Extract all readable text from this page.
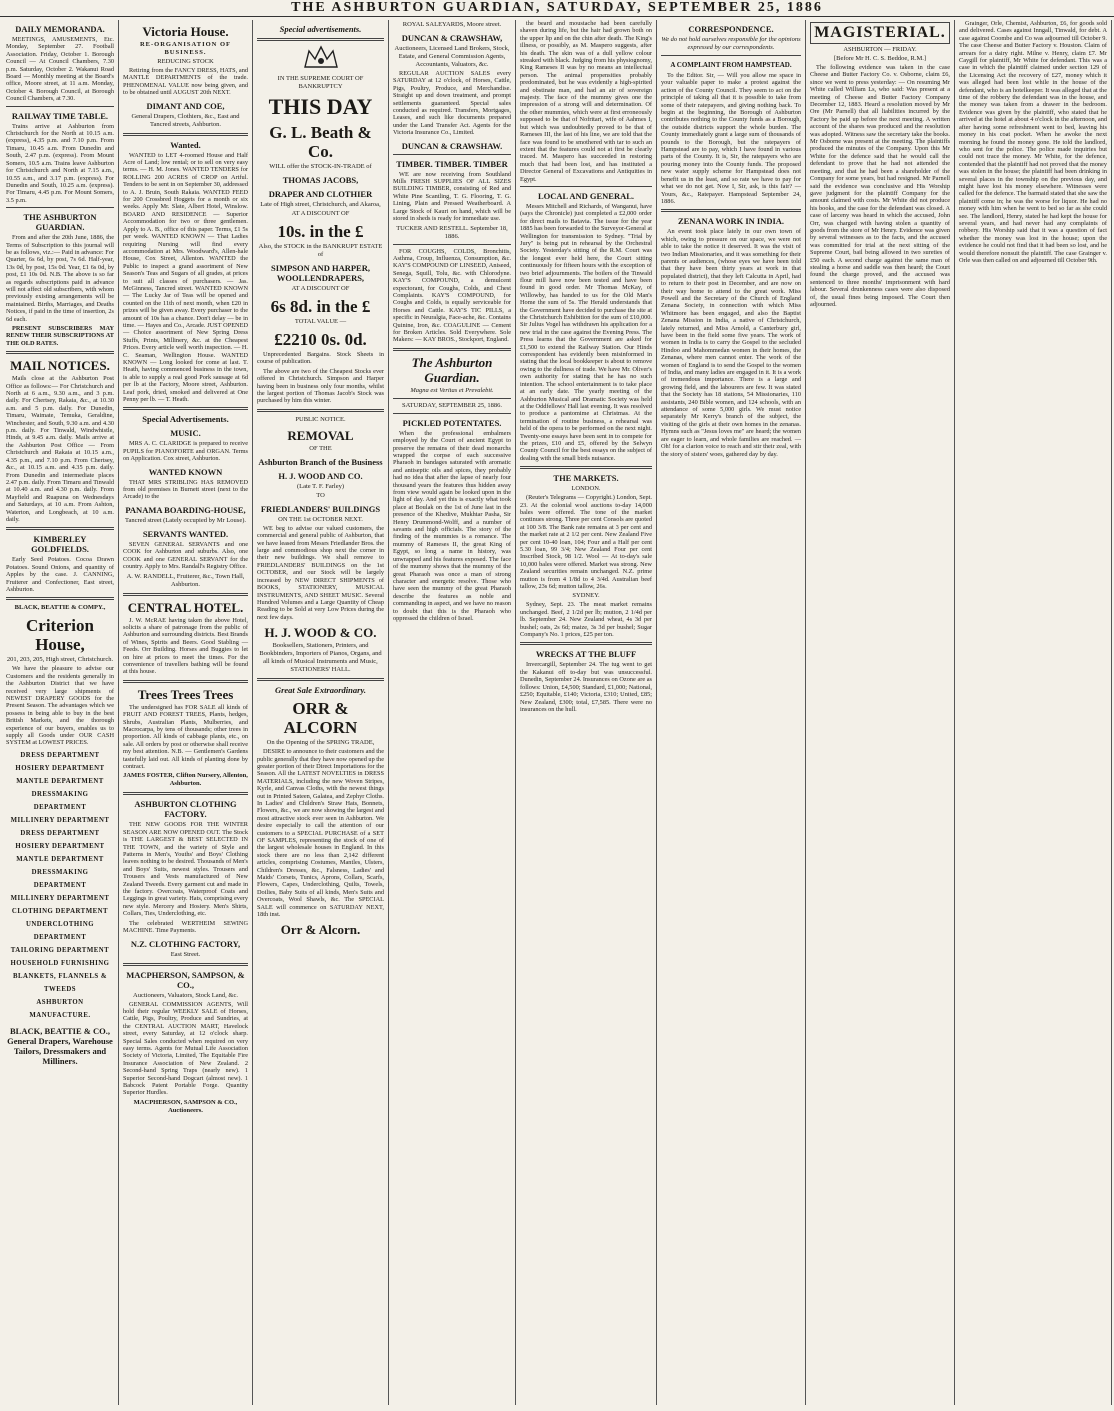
THE ASHBURTON GUARDIAN, SATURDAY, SEPTEMBER 25, 1886
DAILY MEMORANDA.

MEETINGS, AMUSEMENTS, Etc. Monday, September 27. Football Association. Friday, October 1. Borough Council — At Council Chambers, 7.30 p.m. Saturday, October 2. Wakanui Road Board — Monthly meeting at the Board's office, Moore street, at 11 a.m. Monday, October 4. Borough Council, at Borough Council Chambers, at 7.30.

RAILWAY TIME TABLE.

Trains arrive at Ashburton from Christchurch for the North at 10.15 a.m. (express), 4.35 p.m. and 7.10 p.m. From Timaru, 10.45 a.m. From Dunedin and South, 2.47 p.m. (express). From Mount Somers, 10.5 a.m. Trains leave Ashburton for Christchurch and North at 7.15 a.m., 10.55 a.m., and 3.17 p.m. (express). For Dunedin and South, 10.25 a.m. (express). For Timaru, 4.45 p.m. For Mount Somers, 3.5 p.m.

THE ASHBURTON GUARDIAN.

From and after the 20th June, 1886, the Terms of Subscription to this journal will be as follows, viz.:— Paid in advance: For Quarter, 6s 6d, by post, 7s 6d. Half-year, 13s 0d, by post, 15s 0d. Year, £1 6s 0d, by post, £1 10s 0d. N.B. The above is so far as regards subscriptions paid in advance will not affect old subscribers, with whom previously existing arrangements will be maintained. Births, Marriages, and Deaths Notices, if paid in the time of insertion, 2s 6d each.

PRESENT SUBSCRIBERS MAY RENEW THEIR SUBSCRIPTIONS AT THE OLD RATES.

MAIL NOTICES.

Mails close at the Ashburton Post Office as follows:— For Christchurch and North at 6 a.m., 9.30 a.m., and 3 p.m. daily. For Chertsey, Rakaia, &c., at 10.30 a.m. and 5 p.m. daily. For Dunedin, Timaru, Waimate, Temuka, Geraldine, Winchester, and South, 9.30 a.m. and 4.30 p.m. daily. For Tinwald, Windwhistle, Hinds, at 9.45 a.m. daily. Mails arrive at the Ashburton Post Office — From Christchurch and Rakaia at 10.15 a.m., 4.35 p.m., and 7.10 p.m. From Chertsey, &c., at 10.15 a.m. and 4.35 p.m. daily. From Dunedin and intermediate places 2.47 p.m. daily. From Timaru and Tinwald at 10.40 a.m. and 4.30 p.m. daily. From Mayfield and Ruapuna on Wednesdays and Saturdays, at 10 a.m. From Ashton, Waterton, and Longbeach, at 10 a.m. daily.

KIMBERLEY GOLDFIELDS.

Early Seed Potatoes. Cocoa Drawn Potatoes. Sound Onions, and quantity of Apples by the case. J. CANNING, Fruiterer and Confectioner, East street, Ashburton.

BLACK, BEATTIE & COMPY.,
Criterion House,
201, 203, 205, High street, Christchurch.

We have the pleasure to advise our Customers and the residents generally in the Ashburton District that we have received very large shipments of NEWEST DRAPERY GOODS for the Present Season. The advantages which we possess in being able to buy in the best British Markets, and the thorough experience of our buyers, enables us to supply all Goods under OUR CASH SYSTEM at LOWEST PRICES.

DRESS DEPARTMENT
HOSIERY DEPARTMENT
MANTLE DEPARTMENT
DRESSMAKING DEPARTMENT
MILLINERY DEPARTMENT
DRESS DEPARTMENT
HOSIERY DEPARTMENT
MANTLE DEPARTMENT
DRESSMAKING DEPARTMENT
MILLINERY DEPARTMENT
CLOTHING DEPARTMENT
UNDERCLOTHING DEPARTMENT
TAILORING DEPARTMENT
HOUSEHOLD FURNISHING
BLANKETS, FLANNELS & TWEEDS
ASHBURTON MANUFACTURE.
BLACK, BEATTIE & CO., General Drapers, Warehouse Tailors, Dressmakers and Milliners.
Victoria House.
RE-ORGANISATION OF BUSINESS.
REDUCING STOCK

Retiring from the FANCY DRESS, HATS, and MANTLE DEPARTMENTS of the trade. PHENOMENAL VALUE now being given, and to be obtained until AUGUST 20th NEXT.

DIMANT AND COE,
General Drapers, Clothiers, &c., East and Tancred streets, Ashburton.
Wanted.

WANTED to LET 4-roomed House and Half Acre of Land; low rental; or to sell on very easy terms. — H. M. Jones. WANTED TENDERS for ROLLING 200 ACRES of CROP on Artful. Tenders to be sent in on September 30, addressed to A. J. Bruin, South Rakaia. WANTED FEED for 200 Crossbred Hoggets for a month or six weeks. Apply Mr. Slate, Albert Hotel, Winslow. BOARD AND RESIDENCE — Superior Accommodation for two or three gentlemen. Apply to A. B., office of this paper. Terms, £1 5s per week. WANTED KNOWN — That Ladies requiring Nursing will find every accommodation at Mrs. Woodward's, Allen-hale House, Cox Street, Allenton. WANTED the Public to inspect a grand assortment of New Season's Teas and Sugars of all grades, at prices to suit all classes of purchasers. — Jas. McGinness, Tancred street. WANTED KNOWN — The Lucky Jar of Teas will be opened and counted on the 11th of next month, when £20 in prizes will be given away. Every purchaser to the amount of 10s has a chance. Don't delay — be in time. — Hayes and Co., Arcade. JUST OPENED — Choice assortment of New Spring Dress Stuffs, Prints, Millinery, &c. at the Cheapest Prices. Every article well worth inspection. — H. C. Seaman, Wellington House. WANTED KNOWN — Long looked for come at last. T. Heath, having commenced business in the town, is able to supply a real good Pork sausage at 6d per lb at the Factory, Moore street, Ashburton. Leaf pork, dried, smoked and delivered at One Penny per lb. — T. Heath.

Special Advertisements.
MUSIC.

MRS A. C. CLARIDGE is prepared to receive PUPILS for PIANOFORTE and ORGAN. Terms on Application. Cox street, Ashburton.

WANTED KNOWN

THAT MRS STRIBLING HAS REMOVED from old premises in Burnett street (next to the Arcade) to the

PANAMA BOARDING-HOUSE,
Tancred street (Lately occupied by Mr Louse).
SERVANTS WANTED.

SEVEN GENERAL SERVANTS and one COOK for Ashburton and suburbs. Also, one COOK and one GENERAL SERVANT for the country. Apply to Mrs. Randall's Registry Office.

A. W. RANDELL, Fruiterer, &c., Town Hall, Ashburton.
CENTRAL HOTEL.

J. W. McRAE having taken the above Hotel, solicits a share of patronage from the public of Ashburton and surrounding districts. Best Brands of Wines, Spirits and Beers. Good Stabling — Feeds. Orr Building. Horses and Buggies to let on hire at prices to meet the times. For the convenience of travellers bathing will be found at this house.

Trees Trees Trees

The undersigned has FOR SALE all kinds of FRUIT AND FOREST TREES, Plants, hedges, Shrubs, Australian Plants, Mulberries, and Macrocarpa, by tens of thousands; other trees in proportion. All kinds of cabbage plants, etc., on sale. All orders by post or otherwise shall receive my best attention. N.B. — Gentlemen's Gardens tastefully laid out. All kinds of planting done by contract.

JAMES FOSTER, Clifton Nursery, Allenton, Ashburton.
ASHBURTON CLOTHING FACTORY.

THE NEW GOODS FOR THE WINTER SEASON ARE NOW OPENED OUT. The Stock is THE LARGEST & BEST SELECTED IN THE TOWN, and the variety of Style and Patterns in Men's, Youths' and Boys' Clothing leaves nothing to be desired. Thousands of Men's and Boys' Suits, newest styles. Trousers and Trousers and Vests manufactured of New Zealand Tweeds. Every garment cut and made in the factory. Overcoats, Waterproof Coats and Leggings in great variety. Hats, comprising every new style. Mercery and Hosiery. Men's Shirts, Collars, Ties, Underclothing, etc.

The celebrated WERTHEIM SEWING MACHINE. Time Payments.

N.Z. CLOTHING FACTORY,
East Street.
MACPHERSON, SAMPSON, & CO.,
Auctioneers, Valuators, Stock Land, &c.

GENERAL COMMISSION AGENTS, Will hold their regular WEEKLY SALE of Horses, Cattle, Pigs, Poultry, Produce and Sundries, at the CENTRAL AUCTION MART, Havelock street, every Saturday, at 12 o'clock sharp. Special Sales conducted when required on very easy terms. Agents for Mutual Life Association Society of Victoria, Limited, The Equitable Fire Insurance Association of New Zealand. 2 Second-hand Spring Traps (nearly new). 1 Superior Second-hand Dogcart (almost new). 1 Babcock Patent Portable Forge. Quantity Superior Hurdles.

MACPHERSON, SAMPSON & CO., Auctioneers.
Special advertisements.
IN THE SUPREME COURT OF BANKRUPTCY
THIS DAY
G. L. Beath & Co.
WILL offer the STOCK-IN-TRADE of
THOMAS JACOBS,
DRAPER AND CLOTHIER
Late of High street, Christchurch, and Akaroa,
AT A DISCOUNT OF
10s. in the £
Also, the STOCK in the BANKRUPT ESTATE of
SIMPSON AND HARPER, WOOLLENDRAPERS,
AT A DISCOUNT OF
6s 8d. in the £
TOTAL VALUE —
£2210 0s. 0d.

Unprecedented Bargains. Stock Sheets in course of publication.

The above are two of the Cheapest Stocks ever offered in Christchurch. Simpson and Harper having been in business only four months, whilst the largest portion of Thomas Jacob's Stock was purchased by him this winter.

PUBLIC NOTICE.
REMOVAL
OF THE
Ashburton Branch of the Business
H. J. WOOD AND CO.
(Late T. F. Farley)
TO
FRIEDLANDERS' BUILDINGS
ON THE 1st OCTOBER NEXT.

WE beg to advise our valued customers, the commercial and general public of Ashburton, that we have leased from Messrs Friedlander Bros. the large and commodious shop next the corner in their new buildings. We shall remove to FRIEDLANDERS' BUILDINGS on the 1st OCTOBER, and our Stock will be largely increased by NEW DIRECT SHIPMENTS of BOOKS, STATIONERY, MUSICAL INSTRUMENTS, AND SHEET MUSIC. Several Hundred Volumes and a Large Quantity of Cheap Reading to be Sold at very Low Prices during the next few days.

H. J. WOOD & CO.
Booksellers, Stationers, Printers, and Bookbinders, Importers of Pianos, Organs, and all kinds of Musical Instruments and Music, STATIONERS' HALL.
Great Sale Extraordinary.
ORR & ALCORN
On the Opening of the SPRING TRADE,

DESIRE to announce to their customers and the public generally that they have now opened up the greater portion of their Direct Importations for the Season. All the LATEST NOVELTIES in DRESS MATERIALS, including the new Woven Stripes, Kyrle, and Canvas Cloths, with the newest things out in Printed Sateen, Galatea, and Zephyr Cloths. In Ladies' and Children's Straw Hats, Bonnets, Flowers, &c., we are now showing the largest and most attractive stock ever seen in Ashburton. We desire especially to call the attention of our customers to a SPECIAL PURCHASE of a SET OF SAMPLES, representing the stock of one of the largest wholesale houses in England. In this stock there are no less than 2,142 different articles, comprising Costumes, Mantles, Ulsters, Children's Dresses, &c., Falsness, Ladies' and Maids' Corsets, Tunics, Aprons, Collars, Scarfs, Flowers, Capes, Underclothing, Quilts, Towels, Doilies, Baby Suits of all kinds, Men's Suits and Overcoats, Wool Shawls, &c. The SPECIAL SALE will commence on SATURDAY NEXT, 18th inst.

Orr & Alcorn.
ROYAL SALEYARDS, Moore street.
DUNCAN & CRAWSHAW,
Auctioneers, Licensed Land Brokers, Stock, Estate, and General Commission Agents, Accountants, Valuators, &c.

REGULAR AUCTION SALES every SATURDAY at 12 o'clock, of Horses, Cattle, Pigs, Poultry, Produce, and Merchandise. Straight up and down treatment, and prompt settlements guaranteed. Special sales conducted as required. Transfers, Mortgages, Leases, and such like documents prepared under the Land Transfer Act. Agents for the Victoria Insurance Co., Limited.

DUNCAN & CRAWSHAW.
TIMBER. TIMBER. TIMBER

WE are now receiving from Southland Mills FRESH SUPPLIES OF ALL SIZES BUILDING TIMBER, consisting of Red and White Pine Scantling, T. G. Flooring, T. G. Lining, Plain and Pressed Weatherboard. A Large Stock of Kauri on hand, which will be stored in sheds is ready for immediate use.

TUCKER AND RESTELL. September 18, 1886.

FOR COUGHS, COLDS, Bronchitis, Asthma, Croup, Influenza, Consumption, &c. KAY'S COMPOUND OF LINSEED, Aniseed, Senega, Squill, Tolu, &c. with Chlorodyne. KAY'S COMPOUND, a demulcent expectorant, for Coughs, Colds, and Chest Complaints. KAY'S COMPOUND, for Coughs and Colds, is equally serviceable for Horses and Cattle. KAY'S TIC PILLS, a specific in Neuralgia, Face-ache, &c. Contains Quinine, Iron, &c. COAGULINE — Cement for Broken Articles. Sold Everywhere. Sole Makers: — KAY BROS., Stockport, England.

The Ashburton Guardian.
Magna est Veritas et Prevalebit.
SATURDAY, SEPTEMBER 25, 1886.
PICKLED POTENTATES.

When the professional embalmers employed by the Court of ancient Egypt to preserve the remains of their dead monarchs wrapped the corpse of each successive Pharaoh in bandages saturated with aromatic and antiseptic oils and spices, they probably had no idea that after the lapse of nearly four thousand years the features thus hidden away from view would again be looked upon in the light of day. And yet this is exactly what took place at Boulak on the 1st of June last in the presence of the Khedive, Mukhtar Pasha, Sir Henry Drummond-Wolff, and a number of savants and high officials. The story of the finding of the mummies is a romance. The mummy of Rameses II, the great King of Egypt, so long a name in history, was unwrapped and his features exposed. The face of the mummy shows that the mummy of the great Pharaoh was once a man of strong character and energetic resolve. Those who have seen the mummy of the great Pharaoh describe the features as noble and commanding in aspect, and we have no reason to doubt that this is the Pharaoh who oppressed the children of Israel.

the beard and moustache had been carefully shaven during life, but the hair had grown both on the upper lip and on the chin after death. The King's illness, or possibly, as M. Maspero suggests, after his death. The skin was of a dull yellow colour streaked with black. Judging from his physiognomy, King Rameses II was by no means an intellectual person. The animal propensities probably predominated, but he was evidently a high-spirited and obstinate man, and had an air of sovereign majesty. The face of the mummy gives one the impression of a strong will and determination. Of the other mummies, which were at first erroneously supposed to be that of Nofritari, wife of Aahmes I, but which was undoubtedly proved to be that of Rameses III, the last of his line, we are told that the face was found to be smothered with tar to such an extent that the features could not at first be clearly traced. M. Maspero has succeeded in restoring much that had been lost, and has instituted a Director General of Excavations and Antiquities in Egypt.

LOCAL AND GENERAL.

Messrs Mitchell and Richards, of Wanganui, have (says the Chronicle) just completed a £2,000 order for direct mails to Batavia. The issue for the year 1885 has been forwarded to the Surveyor-General at Wellington for transmission to Sydney. "Trial by Jury" is being put in rehearsal by the Orchestral Society. Yesterday's sitting of the R.M. Court was the longest ever held here, the Court sitting continuously for fifteen hours with the exception of two brief adjournments. The boilers of the Tinwald flour mill have now been tested and have been found in good order. Mr Thomas McKay, of Willowby, has handed to us for the Old Man's Home the sum of 5s. The Herald understands that the Government have decided to purchase the site at the Christchurch Exhibition for the sum of £10,000. Sir Julius Vogel has withdrawn his application for a new trial in the case against the Evening Press. The Press learns that the Government are asked for £1,500 to extend the Railway Station. Our Hinds correspondent has evidently been misinformed in stating that the local bookkeeper is about to remove owing to the dullness of trade. We have Mr. Oliver's own authority for stating that he has no such intention. The school entertainment is to take place at an early date. The yearly meeting of the Ashburton Musical and Dramatic Society was held at the Oddfellows' Hall last evening. It was resolved to produce a pantomime at Christmas. At the termination of routine business, a rehearsal was held of the opera to be performed on the next night. Twenty-one essays have been sent in to compete for the prizes, £10 and £5, offered by the Selwyn County Council for the best essays on the subject of dealing with the small birds nuisance.

THE MARKETS.
LONDON.

(Reuter's Telegrams — Copyright.) London, Sept. 23. At the colonial wool auctions to-day 14,000 bales were offered. The tone of the market continues strong. Three per cent Consols are quoted at 100 3/8. The Bank rate remains at 3 per cent and the market rate at 2 1/2 per cent. New Zealand Five per cent 10-40 loan, 104; Four and a Half per cent 5.30 loan, 99 3/4; New Zealand Four per cent Inscribed Stock, 98 1/2. Wool — At to-day's sale 10,000 bales were offered. Market was strong. New Zealand securities remain unchanged. N.Z. prime mutton is from 4 1/8d to 4 3/4d. Australian beef tallow, 23s 6d; mutton tallow, 26s.

SYDNEY.

Sydney, Sept. 23. The meat market remains unchanged. Beef, 2 1/2d per lb; mutton, 2 1/4d per lb. September 24. New Zealand wheat, 4s 3d per bushel; oats, 2s 6d; maize, 3s 3d per bushel; Sugar Company's No. 1 prices, £25 per ton.

WRECKS AT THE BLUFF

Invercargill, September 24. The tug went to get the Kakanui off to-day but was unsuccessful. Dunedin, September 24. Insurances on Ozone are as follows: Union, £4,500; Standard, £1,000; National, £250; Equitable, £140; Victoria, £310; United, £85; New Zealand, £300; total, £7,585. There were no insurances on the hull.

CORRESPONDENCE.
We do not hold ourselves responsible for the opinions expressed by our correspondents.
A COMPLAINT FROM HAMPSTEAD.

To the Editor. Sir, — Will you allow me space in your valuable paper to make a protest against the action of the County Council. They seem to act on the principle of taking all that it is possible to take from some of their ratepayers, and giving nothing back. To begin at the beginning, the Borough of Ashburton contributes nothing to the County funds as a Borough, the outside districts support the whole burden. The County immediately grant a large sum of thousands of pounds to the Borough, but the ratepayers of Hampstead are to pay, which I have found in various parts of the County. It is, Sir, the ratepayers who are pouring money into the County funds. The proposed new water supply scheme for Hampstead does not benefit us in the least, and so rate we have to pay for what we do not get. Now I, Sir, ask, is this fair? — Yours, &c., Ratepayer. Hampstead September 24, 1886.

ZENANA WORK IN INDIA.

An event took place lately in our own town of which, owing to pressure on our space, we were not able to take the notice it deserved. It was the visit of two Indian Missionaries, and it was something for their parents or audiences, (whose eyes we have been told that they have been thirty years at work in that populated district), that they left Calcutta in April, had to return to their post in December, and are now on their way home to attend to the great work. Miss Powell and the Secretary of the Church of England Zenana Society, in connection with which Miss Whitmore has been engaged, and also the Baptist Zenana Mission in India, a native of Christchurch, lately returned, and Miss Arnold, a Canterbury girl, have been in the field some five years. The work of women in India is to carry the Gospel to the secluded Hindoo and Mahommedan women in their homes, the Zenanas, where men cannot enter. The work of the women of England is to send the Gospel to the women of India, and many ladies are engaged in it. It is a work of tremendous importance. There is a large and growing field, and the labourers are few. It was stated that the Society has 18 stations, 54 Missionaries, 110 assistants, 240 Bible women, and 124 schools, with an attendance of some 5,000 girls. We must notice separately Mr Kerry's branch of the subject, the visiting of the girls at their own homes in the zenanas. Hymns such as "Jesus loves me" are heard; the women are eager to learn, and whole families are reached. — Oh! for a clarion voice to reach and stir their zeal, with the story of sisters' woes, gathered day by day.

MAGISTERIAL.
ASHBURTON — FRIDAY.
[Before Mr H. C. S. Beddoe, R.M.]

The following evidence was taken in the case Cheese and Butter Factory Co. v. Osborne, claim £6, since we went to press yesterday: — On resuming Mr White called William Ls, who said: Was present at a meeting of Cheese and Butter Factory Company December 12, 1883. Heard a resolution moved by Mr Ore (Mr Parnell) that all liabilities incurred by the Factory be paid up before the next meeting. A written account of the shares was produced and the resolution was adopted. Witness saw the secretary take the books. Mr Osborne was present at the meeting. The plaintiffs produced the minutes of the Company. Upon this Mr White for the defence said that he would call the defendant to prove that he had not attended the meeting, and that he had been a shareholder of the Company for some years, but had resigned. Mr Parnell said the evidence was conclusive and His Worship gave judgment for the plaintiff Company for the amount claimed with costs. Mr White did not produce his books, and the case for the defendant was closed. A case of larceny was heard in which the accused, John Orr, was charged with having stolen a quantity of goods from the store of Mr Henry. Evidence was given by several witnesses as to the facts, and the accused was committed for trial at the next sitting of the Supreme Court, bail being allowed in two sureties of £50 each. A second charge against the same man of stealing a horse and saddle was then heard; the Court found the charge proved, and the accused was sentenced to three months' imprisonment with hard labour. Several drunkenness cases were also disposed of, the usual fines being imposed. The Court then adjourned.

Grainger, Orle, Chemist, Ashburton, £6, for goods sold and delivered. Cases against Inngall, Tinwald, for debt. A case against Coombe and Co was adjourned till October 9. The case Cheese and Butter Factory v. Houston. Claim of arrears for a dairy right. Milne v. Henry, claim £7. Mr Caygill for plaintiff, Mr White for defendant. This was a case in which the plaintiff claimed under section 129 of the Licensing Act the recovery of £27, money which it was alleged had been lost while in the house of the defendant, who is an hotelkeeper. It was alleged that at the time of the robbery the defendant was in the house, and the money was taken from a drawer in the bedroom. Evidence was given by the plaintiff, who stated that he arrived at the hotel at about 4 o'clock in the afternoon, and after having some refreshment went to bed, leaving his money in his coat pocket. When he awoke the next morning he found the money gone. He told the landlord, who sent for the police. The police made inquiries but could not trace the money. Mr White, for the defence, contended that the plaintiff had not proved that the money was stolen in the house; the plaintiff had been drinking in several places in the township on the previous day, and might have lost his money elsewhere. Witnesses were called for the defence. The barmaid stated that she saw the plaintiff come in; he was the worse for liquor. He had no money with him when he went to bed so far as she could see. The landlord, Henry, stated he had kept the house for several years, and had never had any complaints of robbery. His Worship said that it was a question of fact whether the money was lost in the house; upon the evidence he could not find that it had been so lost, and he would therefore nonsuit the plaintiff. The case Grainger v. Orle was then called on and adjourned till October 9th.
